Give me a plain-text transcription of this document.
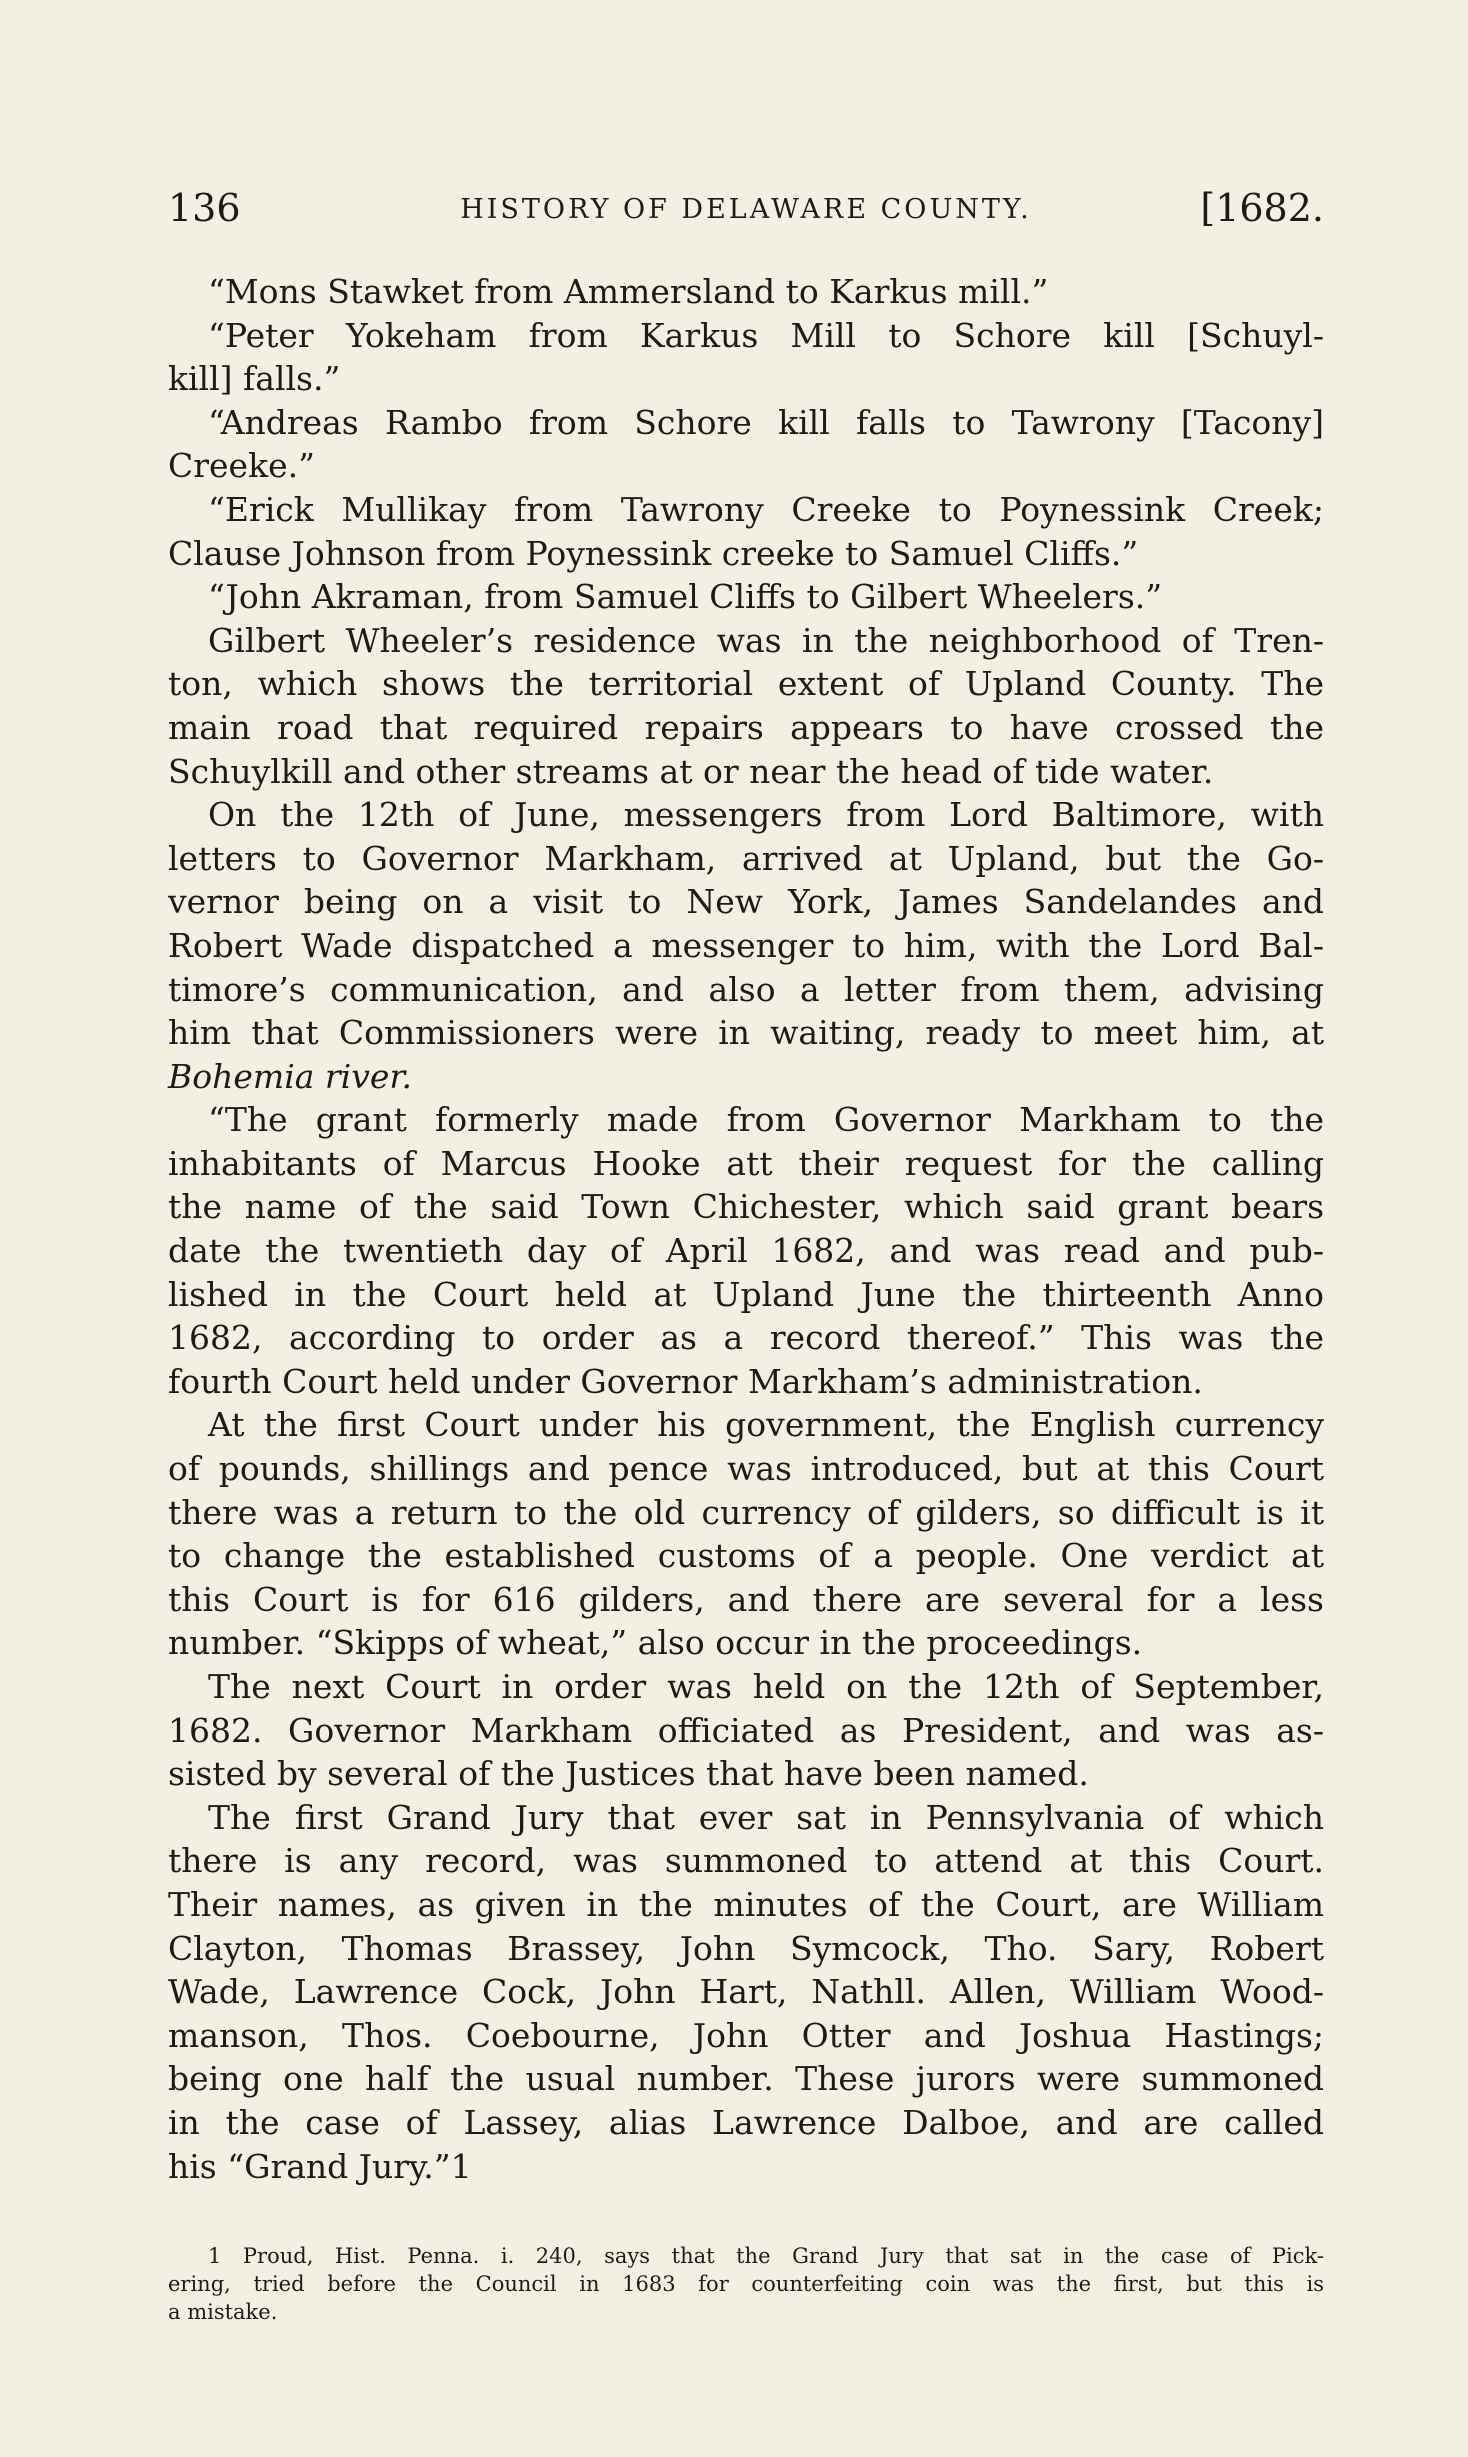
136	HISTORY OF DELAWARE COUNTY.	[1682.
“Mons Stawket from Ammersland to Karkus mill.”
“Peter Yokeham from Karkus Mill to Schore kill [Schuyl-
kill] falls.”
“Andreas Rambo from Schore kill falls to Tawrony [Tacony]
Creeke.”
“Erick Mullikay from Tawrony Creeke to Poynessink Creek;
Clause Johnson from Poynessink creeke to Samuel Cliffs.”
“John Akraman, from Samuel Cliffs to Gilbert Wheelers.”
Gilbert Wheeler’s residence was in the neighborhood of Tren-
ton, which shows the territorial extent of Upland County. The
main road that required repairs appears to have crossed the
Schuylkill and other streams at or near the head of tide water.
On the 12th of June, messengers from Lord Baltimore, with
letters to Governor Markham, arrived at Upland, but the Go-
vernor being on a visit to New York, James Sandelandes and
Robert Wade dispatched a messenger to him, with the Lord Bal-
timore’s communication, and also a letter from them, advising
him that Commissioners were in waiting, ready to meet him, at
Bohemia river.
“The grant formerly made from Governor Markham to the
inhabitants of Marcus Hooke att their request for the calling
the name of the said Town Chichester, which said grant bears
date the twentieth day of April 1682, and was read and pub-
lished in the Court held at Upland June the thirteenth Anno
1682, according to order as a record thereof.” This was the
fourth Court held under Governor Markham’s administration.
At the first Court under his government, the English currency
of pounds, shillings and pence was introduced, but at this Court
there was a return to the old currency of gilders, so difficult is it
to change the established customs of a people. One verdict at
this Court is for 616 gilders, and there are several for a less
number. “Skipps of wheat,” also occur in the proceedings.
The next Court in order was held on the 12th of September,
1682. Governor Markham officiated as President, and was as-
sisted by several of the Justices that have been named.
The first Grand Jury that ever sat in Pennsylvania of which
there is any record, was summoned to attend at this Court.
Their names, as given in the minutes of the Court, are William
Clayton, Thomas Brassey, John Symcock, Tho. Sary, Robert
Wade, Lawrence Cock, John Hart, Nathll. Allen, William Wood-
manson, Thos. Coebourne, John Otter and Joshua Hastings;
being one half the usual number. These jurors were summoned
in the case of Lassey, alias Lawrence Dalboe, and are called
his “Grand Jury.”1
1 Proud, Hist. Penna. i. 240, says that the Grand Jury that sat in the case of Pick-
ering, tried before the Council in 1683 for counterfeiting coin was the first, but this is
a mistake.
